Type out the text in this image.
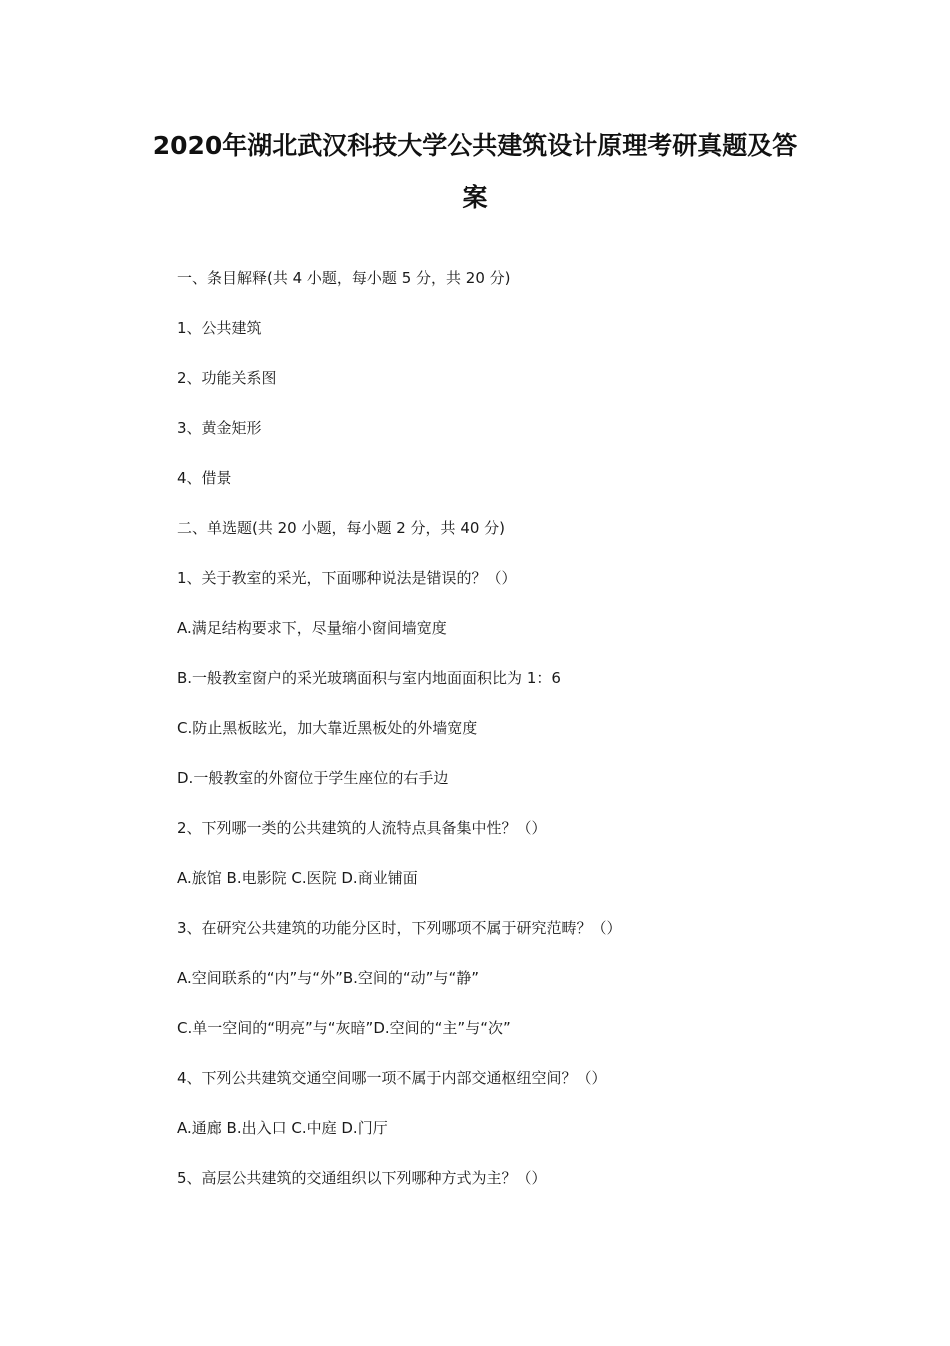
2020年湖北武汉科技大学公共建筑设计原理考研真题及答
案

一、条目解释(共 4 小题，每小题 5 分，共 20 分)

1、公共建筑

2、功能关系图

3、黄金矩形

4、借景

二、单选题(共 20 小题，每小题 2 分，共 40 分)

1、关于教室的采光，下面哪种说法是错误的？（）

A.满足结构要求下，尽量缩小窗间墙宽度

B.一般教室窗户的采光玻璃面积与室内地面面积比为 1：6

C.防止黑板眩光，加大靠近黑板处的外墙宽度

D.一般教室的外窗位于学生座位的右手边

2、下列哪一类的公共建筑的人流特点具备集中性？（）

A.旅馆 B.电影院 C.医院 D.商业铺面

3、在研究公共建筑的功能分区时，下列哪项不属于研究范畴？（）

A.空间联系的“内”与“外”B.空间的“动”与“静”

C.单一空间的“明亮”与“灰暗”D.空间的“主”与“次”

4、下列公共建筑交通空间哪一项不属于内部交通枢纽空间？（）

A.通廊 B.出入口 C.中庭 D.门厅

5、高层公共建筑的交通组织以下列哪种方式为主？（）
